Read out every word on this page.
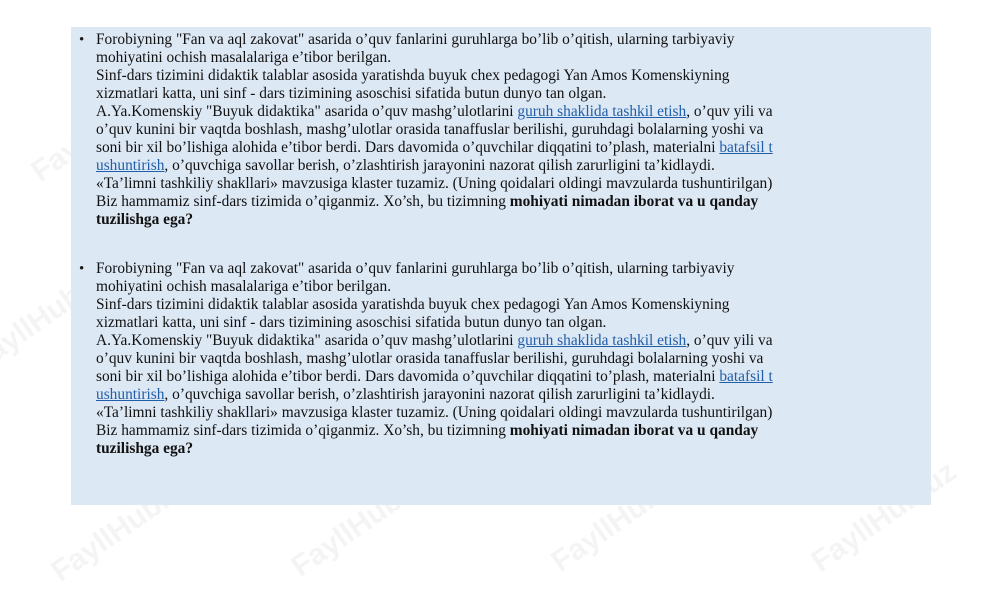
• Forobiyning "Fan va aql zakovat" asarida o’quv fanlarini guruhlarga bo’lib o’qitish, ularning tarbiyaviy
mohiyatini ochish masalalariga e’tibor berilgan.
Sinf-dars tizimini didaktik talablar asosida yaratishda buyuk chex pedagogi Yan Amos Komenskiyning
xizmatlari katta, uni sinf - dars tizimining asoschisi sifatida butun dunyo tan olgan.
A.Ya.Komenskiy "Buyuk didaktika" asarida o’quv mashg’ulotlarini guruh shaklida tashkil etish, o’quv yili va
o’quv kunini bir vaqtda boshlash, mashg’ulotlar orasida tanaffuslar berilishi, guruhdagi bolalarning yoshi va
soni bir xil bo’lishiga alohida e’tibor berdi. Dars davomida o’quvchilar diqqatini to’plash, materialni batafsil t
ushuntirish, o’quvchiga savollar berish, o’zlashtirish jarayonini nazorat qilish zarurligini ta’kidlaydi.
«Ta’limni tashkiliy shakllari» mavzusiga klaster tuzamiz. (Uning qoidalari oldingi mavzularda tushuntirilgan)
Biz hammamiz sinf-dars tizimida o’qiganmiz. Xo’sh, bu tizimning mohiyati nimadan iborat va u qanday
tuzilishga ega?
• Forobiyning "Fan va aql zakovat" asarida o’quv fanlarini guruhlarga bo’lib o’qitish, ularning tarbiyaviy
mohiyatini ochish masalalariga e’tibor berilgan.
Sinf-dars tizimini didaktik talablar asosida yaratishda buyuk chex pedagogi Yan Amos Komenskiyning
xizmatlari katta, uni sinf - dars tizimining asoschisi sifatida butun dunyo tan olgan.
A.Ya.Komenskiy "Buyuk didaktika" asarida o’quv mashg’ulotlarini guruh shaklida tashkil etish, o’quv yili va
o’quv kunini bir vaqtda boshlash, mashg’ulotlar orasida tanaffuslar berilishi, guruhdagi bolalarning yoshi va
soni bir xil bo’lishiga alohida e’tibor berdi. Dars davomida o’quvchilar diqqatini to’plash, materialni batafsil t
ushuntirish, o’quvchiga savollar berish, o’zlashtirish jarayonini nazorat qilish zarurligini ta’kidlaydi.
«Ta’limni tashkiliy shakllari» mavzusiga klaster tuzamiz. (Uning qoidalari oldingi mavzularda tushuntirilgan)
Biz hammamiz sinf-dars tizimida o’qiganmiz. Xo’sh, bu tizimning mohiyati nimadan iborat va u qanday
tuzilishga ega?
